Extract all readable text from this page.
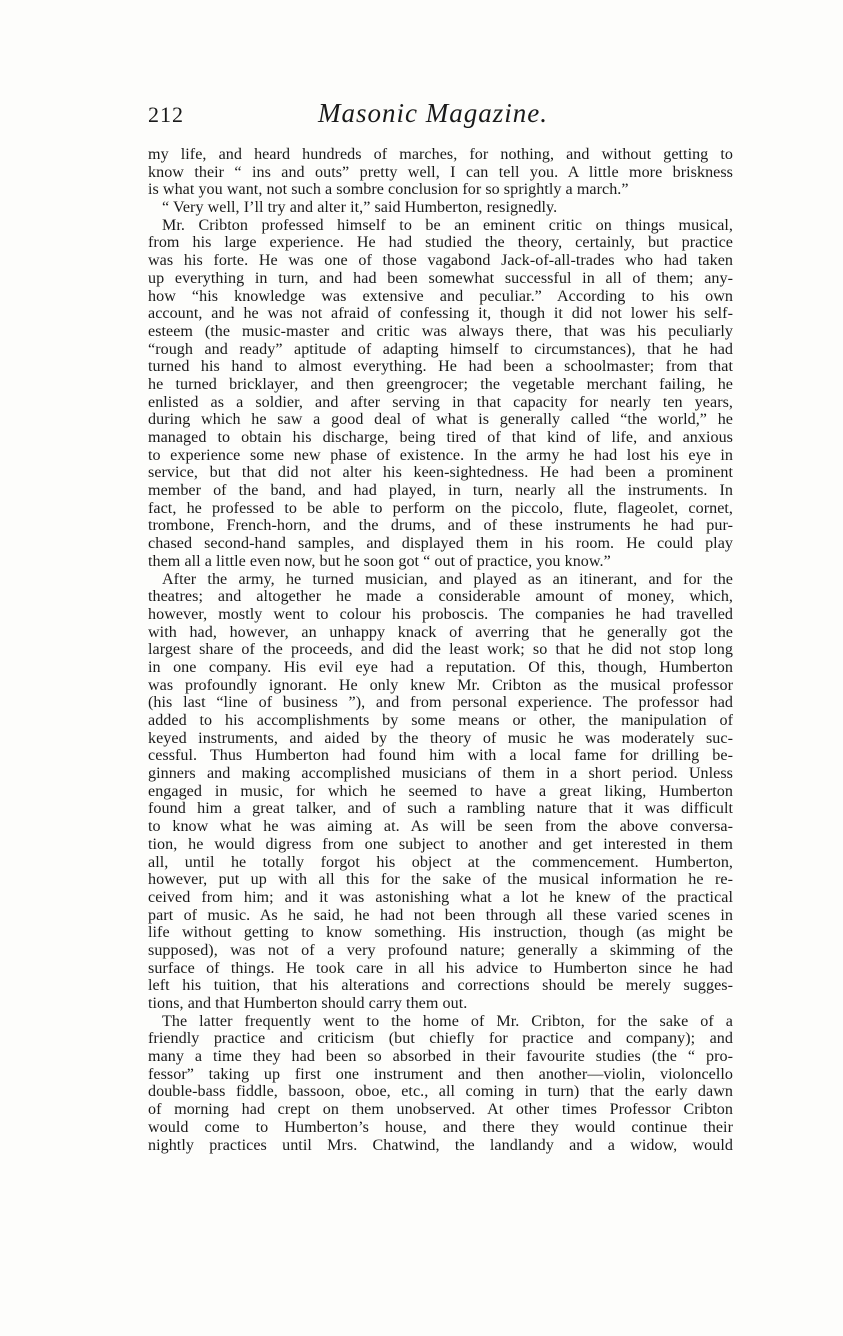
212	Masonic Magazine.
my life, and heard hundreds of marches, for nothing, and without getting to
know their “ ins and outs” pretty well, I can tell you. A little more briskness
is what you want, not such a sombre conclusion for so sprightly a march.”
“ Very well, I’ll try and alter it,” said Humberton, resignedly.
Mr. Cribton professed himself to be an eminent critic on things musical,
from his large experience. He had studied the theory, certainly, but practice
was his forte. He was one of those vagabond Jack-of-all-trades who had taken
up everything in turn, and had been somewhat successful in all of them; any-
how “his knowledge was extensive and peculiar.” According to his own
account, and he was not afraid of confessing it, though it did not lower his self-
esteem (the music-master and critic was always there, that was his peculiarly
“rough and ready” aptitude of adapting himself to circumstances), that he had
turned his hand to almost everything. He had been a schoolmaster; from that
he turned bricklayer, and then greengrocer; the vegetable merchant failing, he
enlisted as a soldier, and after serving in that capacity for nearly ten years,
during which he saw a good deal of what is generally called “the world,” he
managed to obtain his discharge, being tired of that kind of life, and anxious
to experience some new phase of existence. In the army he had lost his eye in
service, but that did not alter his keen-sightedness. He had been a prominent
member of the band, and had played, in turn, nearly all the instruments. In
fact, he professed to be able to perform on the piccolo, flute, flageolet, cornet,
trombone, French-horn, and the drums, and of these instruments he had pur-
chased second-hand samples, and displayed them in his room. He could play
them all a little even now, but he soon got “ out of practice, you know.”
After the army, he turned musician, and played as an itinerant, and for the
theatres; and altogether he made a considerable amount of money, which,
however, mostly went to colour his proboscis. The companies he had travelled
with had, however, an unhappy knack of averring that he generally got the
largest share of the proceeds, and did the least work; so that he did not stop long
in one company. His evil eye had a reputation. Of this, though, Humberton
was profoundly ignorant. He only knew Mr. Cribton as the musical professor
(his last “line of business ”), and from personal experience. The professor had
added to his accomplishments by some means or other, the manipulation of
keyed instruments, and aided by the theory of music he was moderately suc-
cessful. Thus Humberton had found him with a local fame for drilling be-
ginners and making accomplished musicians of them in a short period. Unless
engaged in music, for which he seemed to have a great liking, Humberton
found him a great talker, and of such a rambling nature that it was difficult
to know what he was aiming at. As will be seen from the above conversa-
tion, he would digress from one subject to another and get interested in them
all, until he totally forgot his object at the commencement. Humberton,
however, put up with all this for the sake of the musical information he re-
ceived from him; and it was astonishing what a lot he knew of the practical
part of music. As he said, he had not been through all these varied scenes in
life without getting to know something. His instruction, though (as might be
supposed), was not of a very profound nature; generally a skimming of the
surface of things. He took care in all his advice to Humberton since he had
left his tuition, that his alterations and corrections should be merely sugges-
tions, and that Humberton should carry them out.
The latter frequently went to the home of Mr. Cribton, for the sake of a
friendly practice and criticism (but chiefly for practice and company); and
many a time they had been so absorbed in their favourite studies (the “ pro-
fessor” taking up first one instrument and then another—violin, violoncello
double-bass fiddle, bassoon, oboe, etc., all coming in turn) that the early dawn
of morning had crept on them unobserved. At other times Professor Cribton
would come to Humberton’s house, and there they would continue their
nightly practices until Mrs. Chatwind, the landlandy and a widow, would
